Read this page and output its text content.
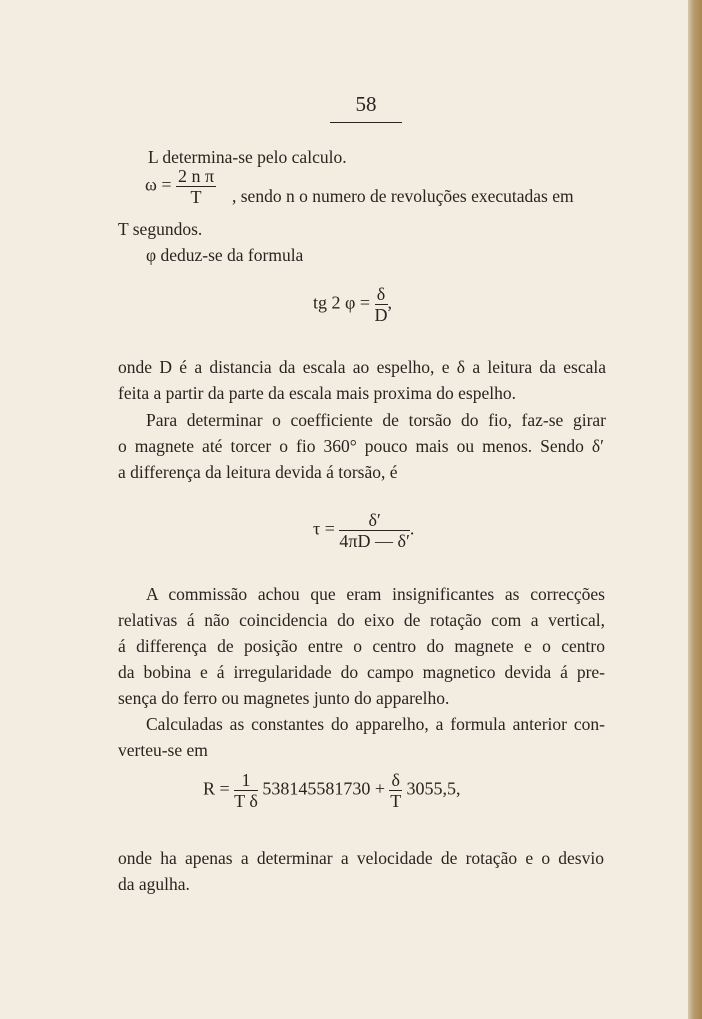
58
L determina-se pelo calculo.
$\omega = \frac{\text{2 n π}}{T}$ , sendo n o numero de revoluções executadas em
T segundos.
φ deduz-se da formula
tg 2 $\varphi = \frac{\delta}{D}$ ,
onde D é a distancia da escala ao espelho, e δ a leitura da escala
feita a partir da parte da escala mais proxima do espelho.
Para determinar o coefficiente de torsão do fio, faz-se girar
o magnete até torcer o fio 360° pouco mais ou menos. Sendo δ′
a differença da leitura devida á torsão, é
$\tau = \frac{\delta'}{4\pi D — \delta'}$ .
A commissão achou que eram insignificantes as correcções
relativas á não coincidencia do eixo de rotação com a vertical,
á differença de posição entre o centro do magnete e o centro
da bobina e á irregularidade do campo magnetico devida á pre-
sença do ferro ou magnetes junto do apparelho.
Calculadas as constantes do apparelho, a formula anterior con-
verteu-se em
$R = \frac{1}{\text{T δ}} 538145581730 + \frac{\delta}{T} 3055,5$,
onde ha apenas a determinar a velocidade de rotação e o desvio
da agulha.
